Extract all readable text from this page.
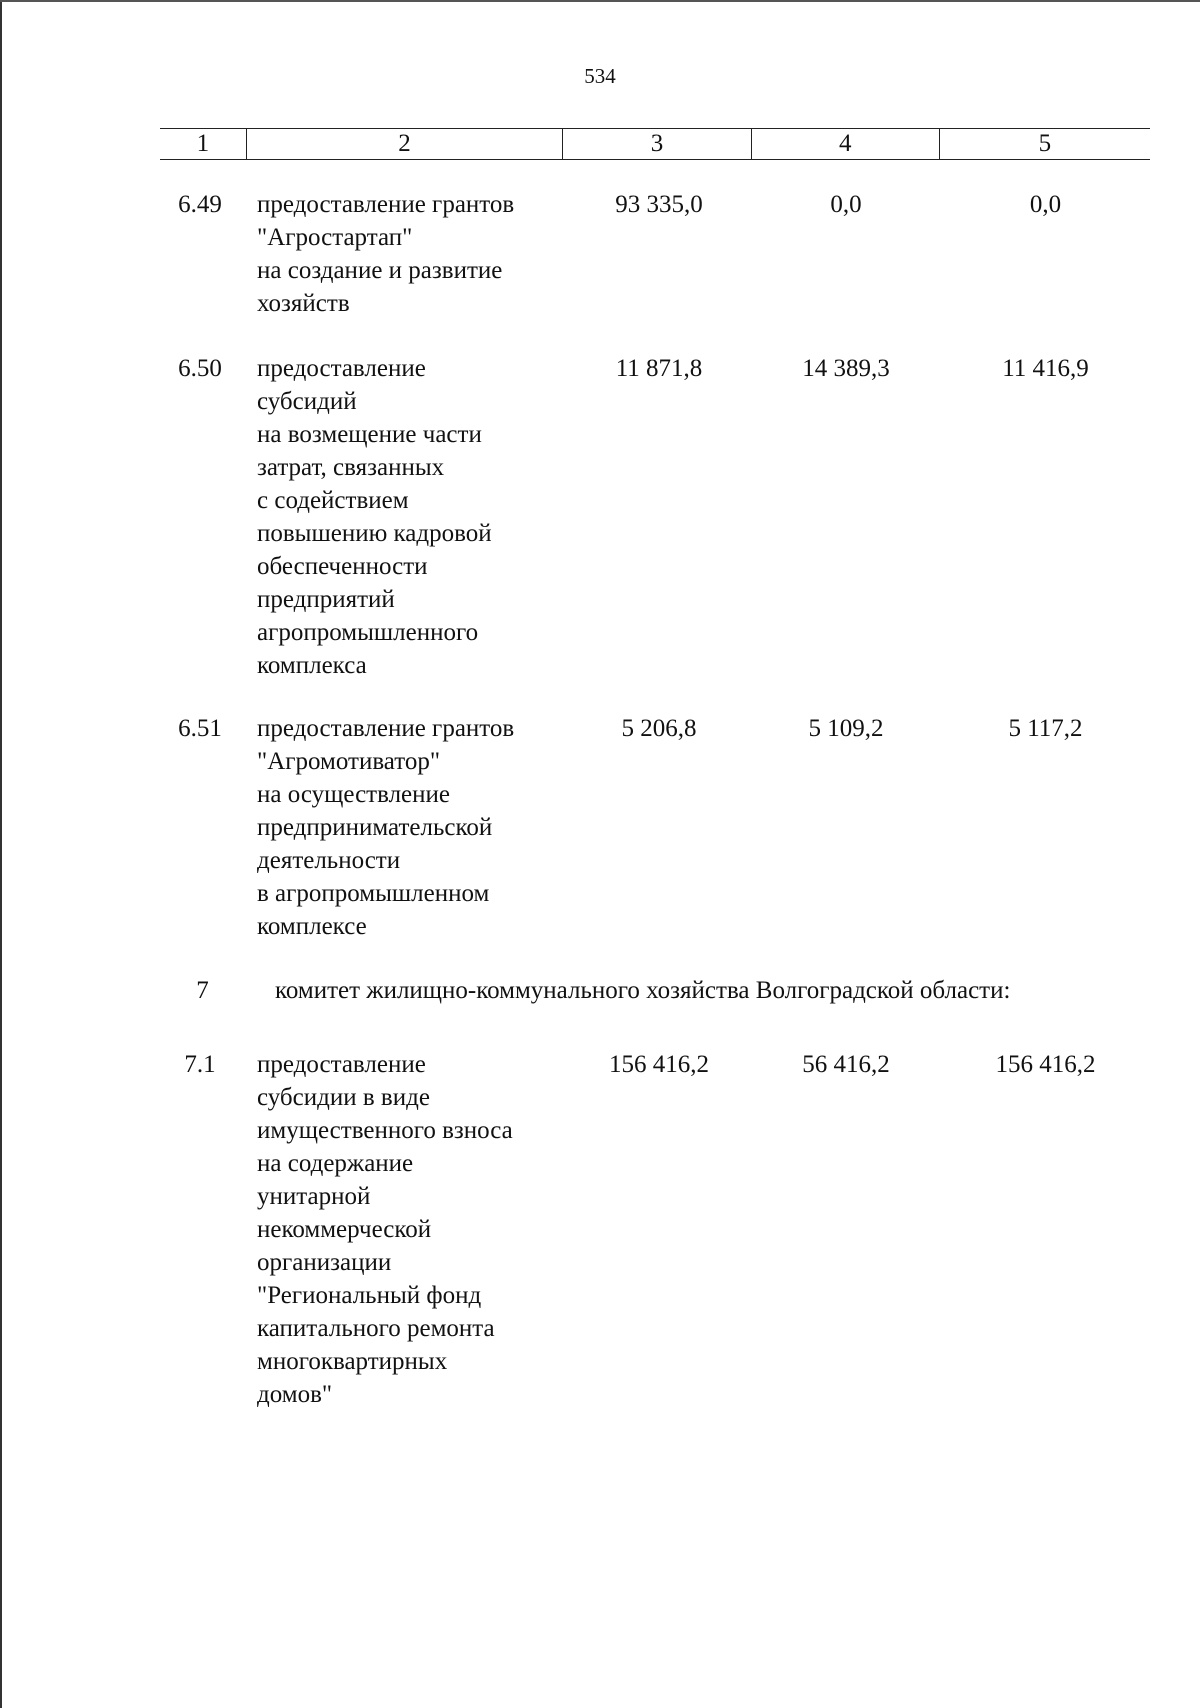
534
1	2	3	4	5
6.49	предоставление грантов
"Агростартап"
на создание и развитие
хозяйств
93 335,0	0,0	0,0
6.50	предоставление
субсидий
на возмещение части
затрат, связанных
с содействием
повышению кадровой
обеспеченности
предприятий
агропромышленного
комплекса
11 871,8	14 389,3	11 416,9
6.51	предоставление грантов
"Агромотиватор"
на осуществление
предпринимательской
деятельности
в агропромышленном
комплексе
5 206,8	5 109,2	5 117,2
7	комитет жилищно-коммунального хозяйства Волгоградской области:
7.1	предоставление
субсидии в виде
имущественного взноса
на содержание
унитарной
некоммерческой
организации
"Региональный фонд
капитального ремонта
многоквартирных
домов"
156 416,2	56 416,2	156 416,2
